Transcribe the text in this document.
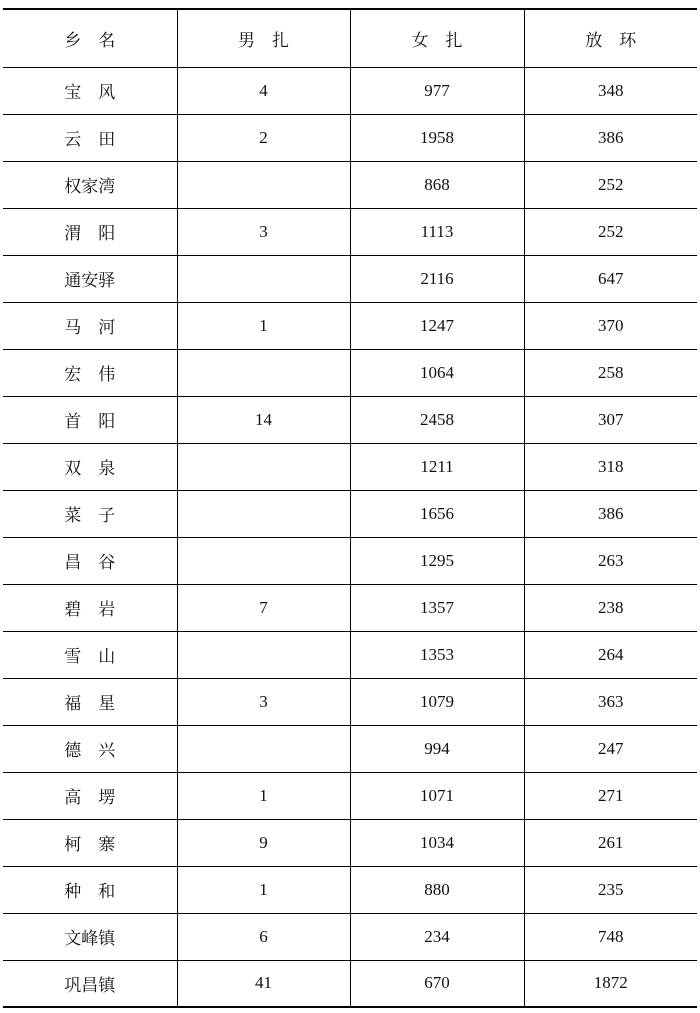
乡　名	男　扎	女　扎	放　环
宝　风	4	977	348
云　田	2	1958	386
权家湾		868	252
渭　阳	3	1113	252
通安驿		2116	647
马　河	1	1247	370
宏　伟		1064	258
首　阳	14	2458	307
双　泉		1211	318
菜　子		1656	386
昌　谷		1295	263
碧　岩	7	1357	238
雪　山		1353	264
福　星	3	1079	363
德　兴		994	247
高　塄	1	1071	271
柯　寨	9	1034	261
种　和	1	880	235
文峰镇	6	234	748
巩昌镇	41	670	1872
